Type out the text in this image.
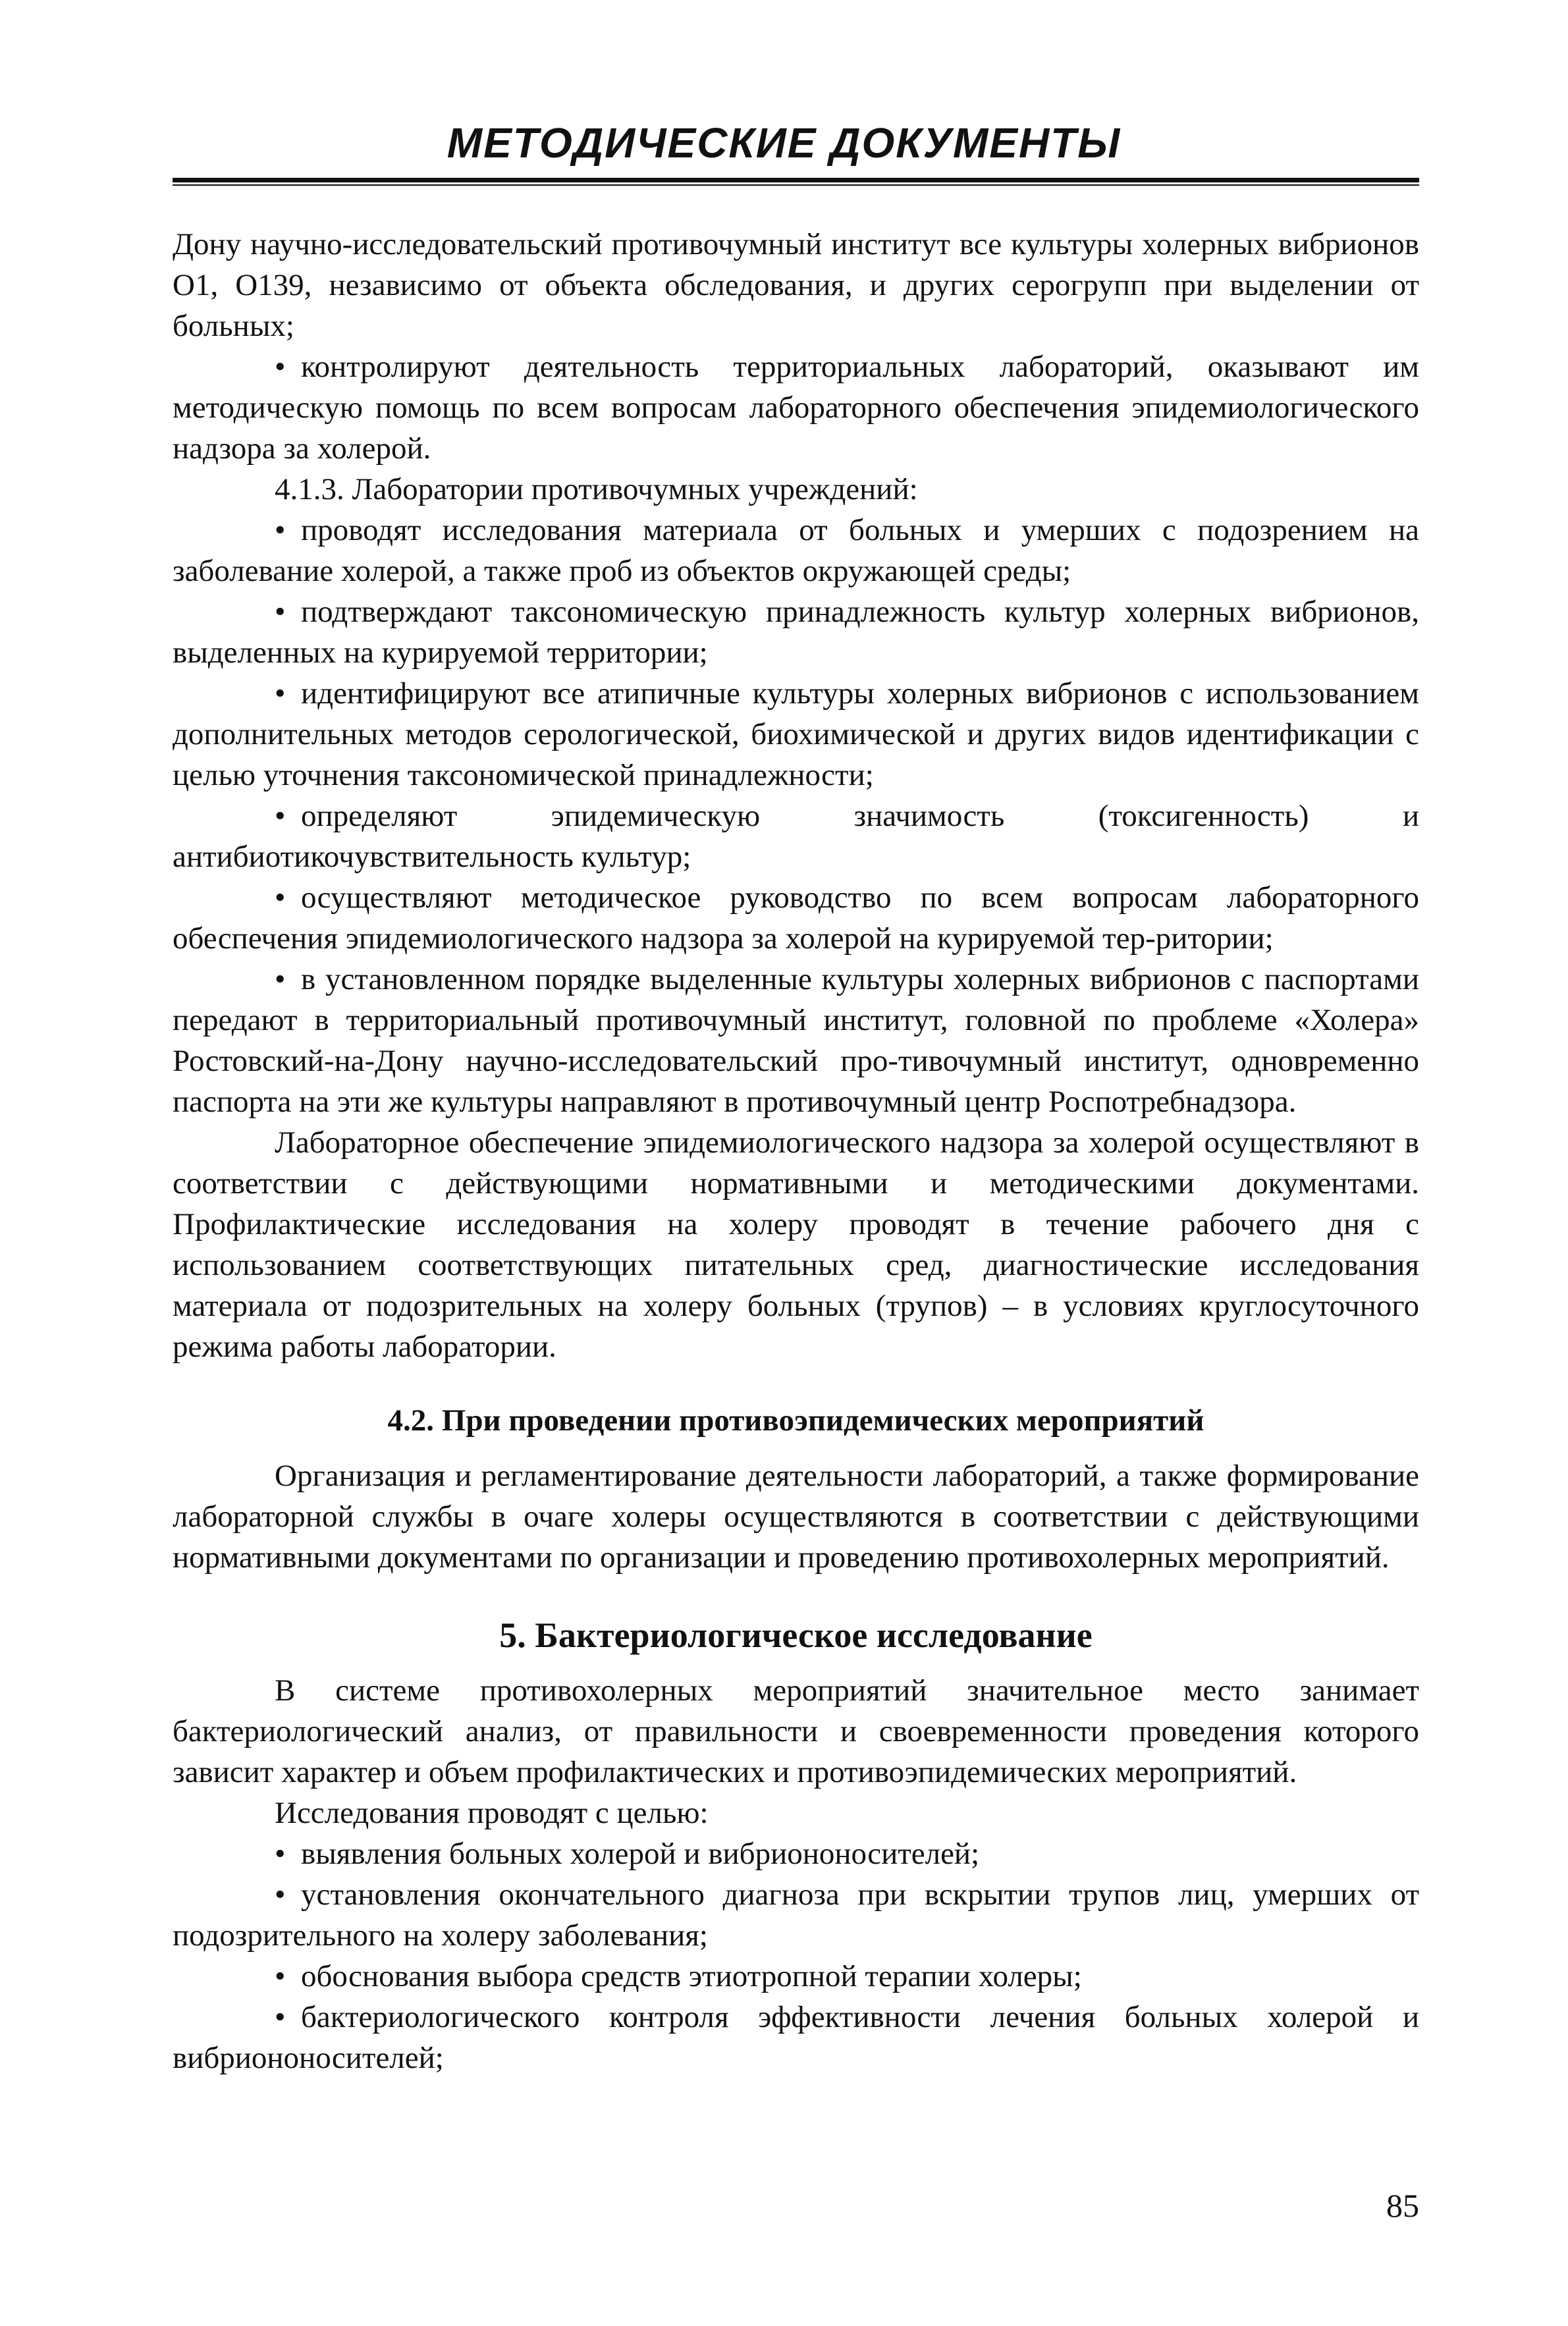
МЕТОДИЧЕСКИЕ ДОКУМЕНТЫ

Дону научно-исследовательский противочумный институт все культуры холерных вибрионов O1, O139, независимо от объекта обследования, и других серогрупп при выделении от больных;

• контролируют деятельность территориальных лабораторий, оказывают им методическую помощь по всем вопросам лабораторного обеспечения эпидемиологического надзора за холерой.

4.1.3. Лаборатории противочумных учреждений:

• проводят исследования материала от больных и умерших с подозрением на заболевание холерой, а также проб из объектов окружающей среды;

• подтверждают таксономическую принадлежность культур холерных вибрионов, выделенных на курируемой территории;

• идентифицируют все атипичные культуры холерных вибрионов с использованием дополнительных методов серологической, биохимической и других видов идентификации с целью уточнения таксономической принадлежности;

• определяют эпидемическую значимость (токсигенность) и антибиотикочувствительность культур;

• осуществляют методическое руководство по всем вопросам лабораторного обеспечения эпидемиологического надзора за холерой на курируемой тер-ритории;

• в установленном порядке выделенные культуры холерных вибрионов с паспортами передают в территориальный противочумный институт, головной по проблеме «Холера» Ростовский-на-Дону научно-исследовательский про-тивочумный институт, одновременно паспорта на эти же культуры направляют в противочумный центр Роспотребнадзора.

Лабораторное обеспечение эпидемиологического надзора за холерой осуществляют в соответствии с действующими нормативными и методическими документами. Профилактические исследования на холеру проводят в течение рабочего дня с использованием соответствующих питательных сред, диагностические исследования материала от подозрительных на холеру больных (трупов) – в условиях круглосуточного режима работы лаборатории.

4.2. При проведении противоэпидемических мероприятий

Организация и регламентирование деятельности лабораторий, а также формирование лабораторной службы в очаге холеры осуществляются в соответствии с действующими нормативными документами по организации и проведению противохолерных мероприятий.

5. Бактериологическое исследование

В системе противохолерных мероприятий значительное место занимает бактериологический анализ, от правильности и своевременности проведения которого зависит характер и объем профилактических и противоэпидемических мероприятий.

Исследования проводят с целью:

• выявления больных холерой и вибриононосителей;

• установления окончательного диагноза при вскрытии трупов лиц, умерших от подозрительного на холеру заболевания;

• обоснования выбора средств этиотропной терапии холеры;

• бактериологического контроля эффективности лечения больных холерой и вибриононосителей;

85
